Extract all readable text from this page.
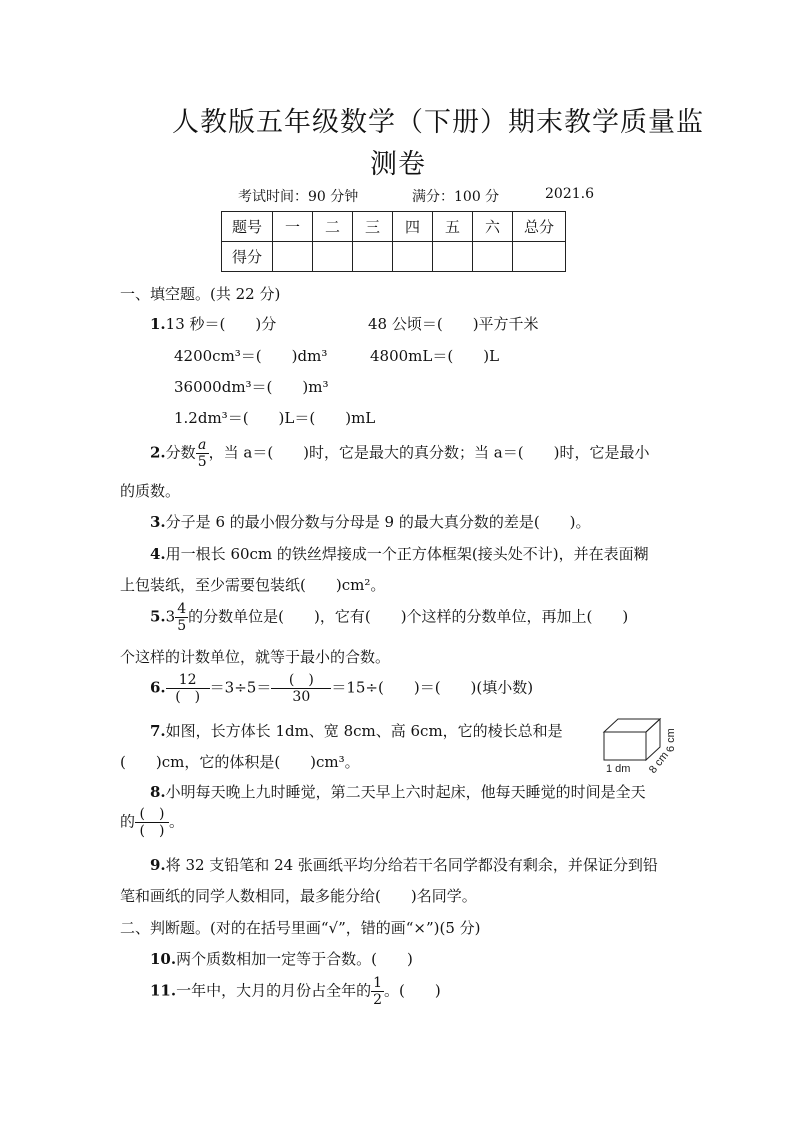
人教版五年级数学（下册）期末教学质量监
测卷
考试时间：90 分钟	满分：100 分	2021.6
题号	一	二	三	四	五	六	总分
得分							
一、填空题。(共 22 分)
1.13 秒＝(　　)分	48 公顷＝(　　)平方千米
4200cm³＝(　　)dm³	4800mL＝(　　)L
36000dm³＝(　　)m³
1.2dm³＝(　　)L＝(　　)mL
2.分数 $\frac{a}{5}$ ，当 a＝(　　)时，它是最大的真分数；当 a＝(　　)时，它是最小
的质数。
3.分子是 6 的最小假分数与分母是 9 的最大真分数的差是(　　)。
4.用一根长 60cm 的铁丝焊接成一个正方体框架(接头处不计)，并在表面糊
上包装纸，至少需要包装纸(　　)cm²。
$5.3 \frac{4}{5}$ 的分数单位是(　　)，它有(　　)个这样的分数单位，再加上(　　)
个这样的计数单位，就等于最小的合数。
6. $\frac{12}{( )} =3\div 5= \frac{( )}{30} =15\div$(　　)＝(　　)(填小数)
7.如图，长方体长 1dm、宽 8cm、高 6cm，它的棱长总和是
(　　)cm，它的体积是(　　)cm³。	1 dm 8 cm
6 cm
8.小明每天晚上九时睡觉，第二天早上六时起床，他每天睡觉的时间是全天
的 $\frac{( )}{( )}$ 。
9.将 32 支铅笔和 24 张画纸平均分给若干名同学都没有剩余，并保证分到铅
笔和画纸的同学人数相同，最多能分给(　　)名同学。
二、判断题。(对的在括号里画“√”，错的画“×”)(5 分)
10.两个质数相加一定等于合数。(　　)
11.一年中，大月的月份占全年的 $\frac{1}{2}$ 。(　　)
